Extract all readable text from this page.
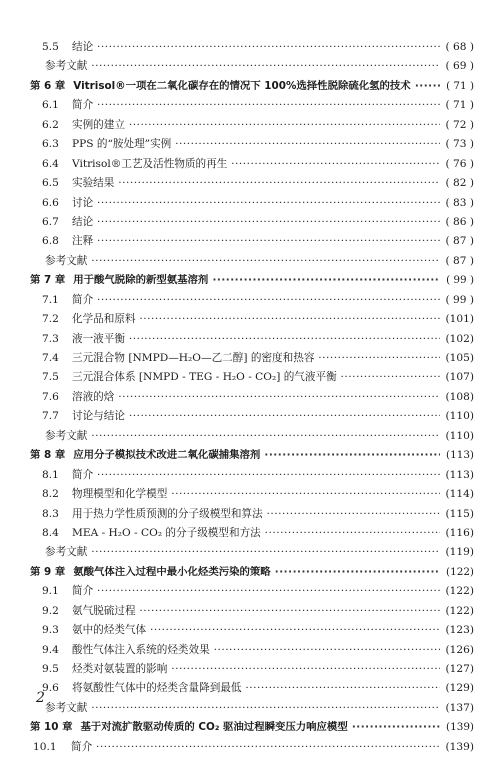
5.5 结论 ·····	( 68 )
参考文献 ·····	( 69 )
第 6 章 Vitrisol®一项在二氧化碳存在的情况下 100%选择性脱除硫化氢的技术 ·····	( 71 )
6.1 简介 ·····	( 71 )
6.2 实例的建立 ·····	( 72 )
6.3 PPS 的“胺处理”实例 ·····	( 73 )
6.4 Vitrisol®工艺及活性物质的再生 ·····	( 76 )
6.5 实验结果 ·····	( 82 )
6.6 讨论 ·····	( 83 )
6.7 结论 ·····	( 86 )
6.8 注释 ·····	( 87 )
参考文献 ·····	( 87 )
第 7 章 用于酸气脱除的新型氨基溶剂 ·····	( 99 )
7.1 简介 ·····	( 99 )
7.2 化学品和原料 ·····	(101)
7.3 液一液平衡 ·····	(102)
7.4 三元混合物 [NMPD—H₂O—乙二醇] 的密度和热容 ·····	(105)
7.5 三元混合体系 [NMPD - TEG - H₂O - CO₂] 的气液平衡 ·····	(107)
7.6 溶液的焓 ·····	(108)
7.7 讨论与结论 ·····	(110)
参考文献 ·····	(110)
第 8 章 应用分子模拟技术改进二氧化碳捕集溶剂 ·····	(113)
8.1 简介 ·····	(113)
8.2 物理模型和化学模型 ·····	(114)
8.3 用于热力学性质预测的分子级模型和算法 ·····	(115)
8.4 MEA - H₂O - CO₂ 的分子级模型和方法 ·····	(116)
参考文献 ·····	(119)
第 9 章 氨酸气体注入过程中最小化烃类污染的策略 ·····	(122)
9.1 简介 ·····	(122)
9.2 氨气脱硫过程 ·····	(122)
9.3 氨中的烃类气体 ·····	(123)
9.4 酸性气体注入系统的烃类效果 ·····	(126)
9.5 烃类对氨装置的影响 ·····	(127)
9.6 将氨酸性气体中的烃类含量降到最低 ·····	(129)
参考文献 ·····	(137)
第 10 章 基于对流扩散驱动传质的 CO₂ 驱油过程瞬变压力响应模型 ·····	(139)
10.1 简介 ·····	(139)
2
